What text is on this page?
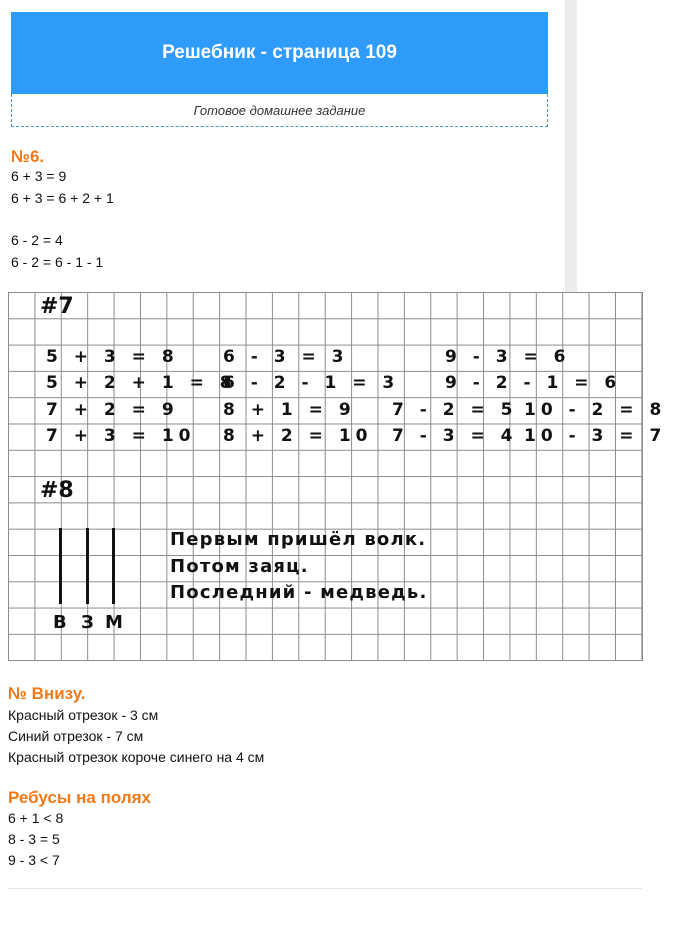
Решебник - страница 109
Готовое домашнее задание
№6.
6 + 3 = 9
6 + 3 = 6 + 2 + 1
6 - 2 = 4
6 - 2 = 6 - 1 - 1
#7
5 + 3 = 8	6 - 3 = 3	9 - 3 = 6
5 + 2 + 1 = 8
6 - 2 - 1 = 3	9 - 2 - 1 = 6
7 + 2 = 9	8 + 1 = 9 7 - 2 = 5 10 - 2 = 8
7 + 3 = 10 8 + 2 = 10 7 - 3 = 4 10 - 3 = 7
#8
В З М
Первым пришёл волк.
Потом заяц.
Последний - медведь.
№ Внизу.
Красный отрезок - 3 см
Синий отрезок - 7 см
Красный отрезок короче синего на 4 см
Ребусы на полях
6 + 1 < 8
8 - 3 = 5
9 - 3 < 7
